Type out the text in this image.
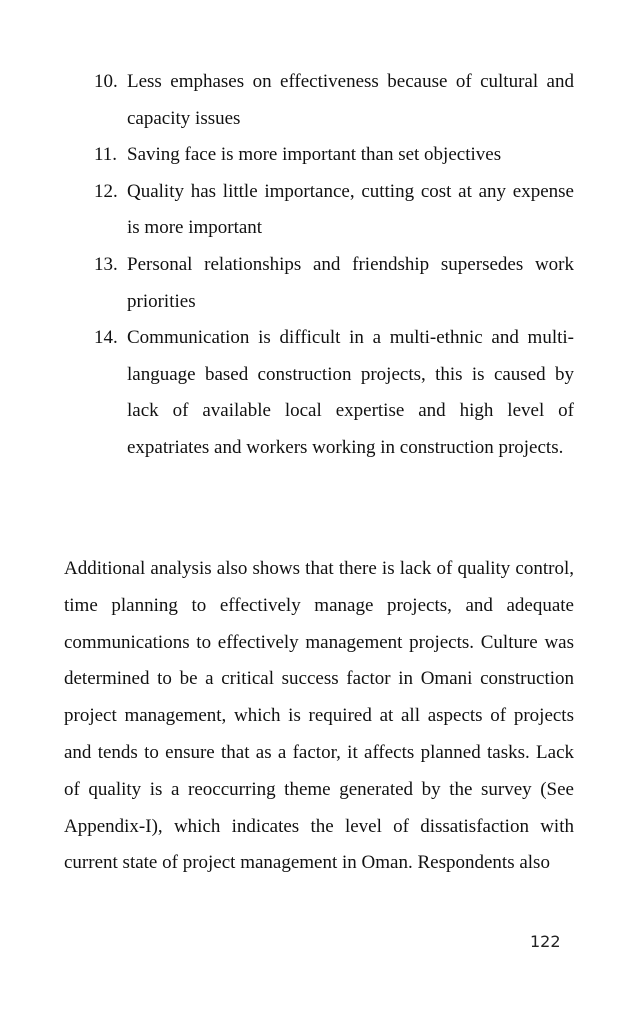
10. Less emphases on effectiveness because of cultural and capacity issues
11. Saving face is more important than set objectives
12. Quality has little importance, cutting cost at any expense is more important
13. Personal relationships and friendship supersedes work priorities
14. Communication is difficult in a multi-ethnic and multi-language based construction projects, this is caused by lack of available local expertise and high level of expatriates and workers working in construction projects.

Additional analysis also shows that there is lack of quality control, time planning to effectively manage projects, and adequate communications to effectively management projects. Culture was determined to be a critical success factor in Omani construction project management, which is required at all aspects of projects and tends to ensure that as a factor, it affects planned tasks. Lack of quality is a reoccurring theme generated by the survey (See Appendix-I), which indicates the level of dissatisfaction with current state of project management in Oman. Respondents also

122
